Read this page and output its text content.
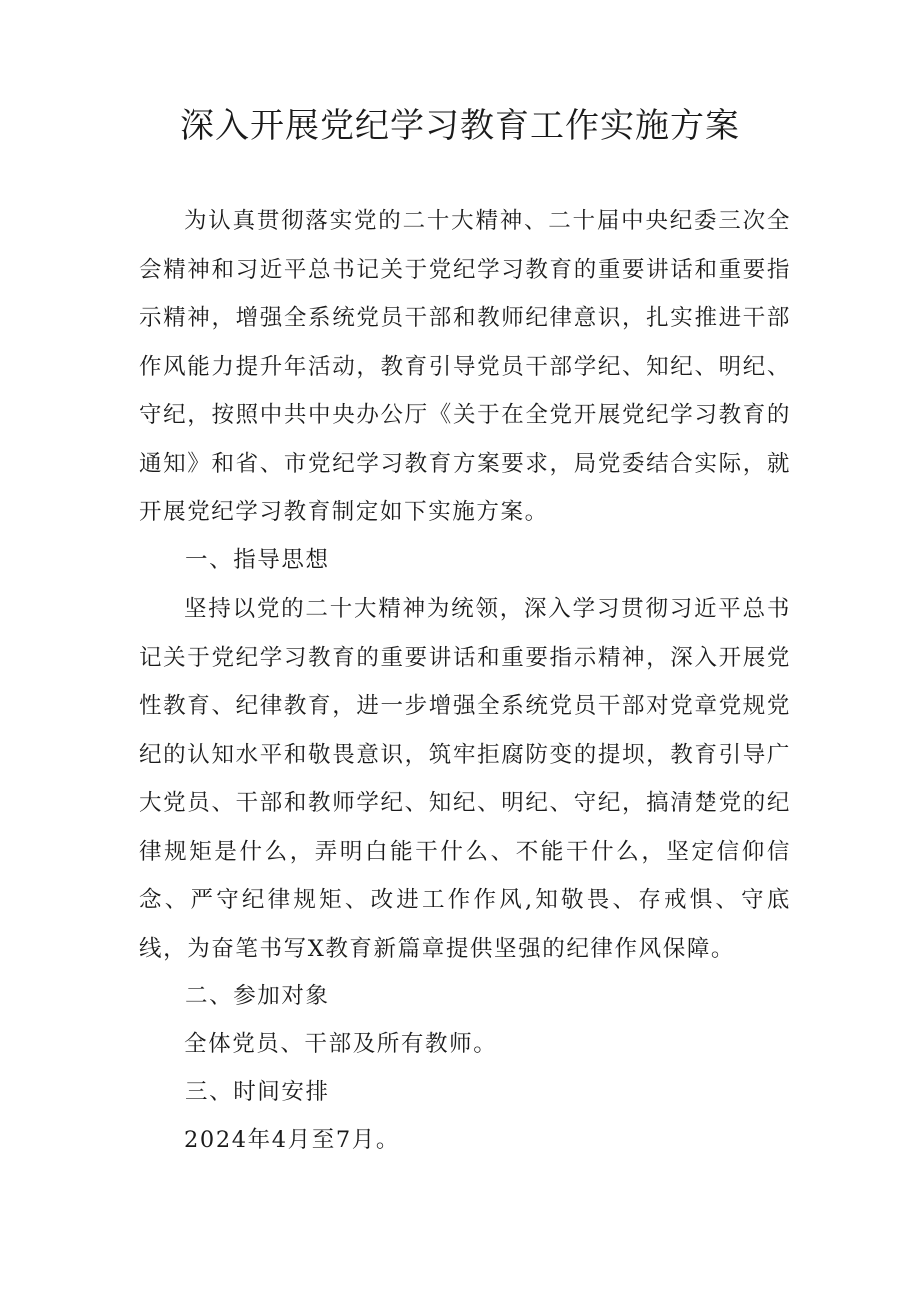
深入开展党纪学习教育工作实施方案
为认真贯彻落实党的二十大精神、二十届中央纪委三次全会精神和习近平总书记关于党纪学习教育的重要讲话和重要指示精神，增强全系统党员干部和教师纪律意识，扎实推进干部作风能力提升年活动，教育引导党员干部学纪、知纪、明纪、守纪，按照中共中央办公厅《关于在全党开展党纪学习教育的通知》和省、市党纪学习教育方案要求，局党委结合实际，就开展党纪学习教育制定如下实施方案。
一、指导思想
坚持以党的二十大精神为统领，深入学习贯彻习近平总书记关于党纪学习教育的重要讲话和重要指示精神，深入开展党性教育、纪律教育，进一步增强全系统党员干部对党章党规党纪的认知水平和敬畏意识，筑牢拒腐防变的提坝，教育引导广大党员、干部和教师学纪、知纪、明纪、守纪，搞清楚党的纪律规矩是什么，弄明白能干什么、不能干什么，坚定信仰信念、严守纪律规矩、改进工作作风,知敬畏、存戒惧、守底线，为奋笔书写X教育新篇章提供坚强的纪律作风保障。
二、参加对象
全体党员、干部及所有教师。
三、时间安排
2024年4月至7月。
